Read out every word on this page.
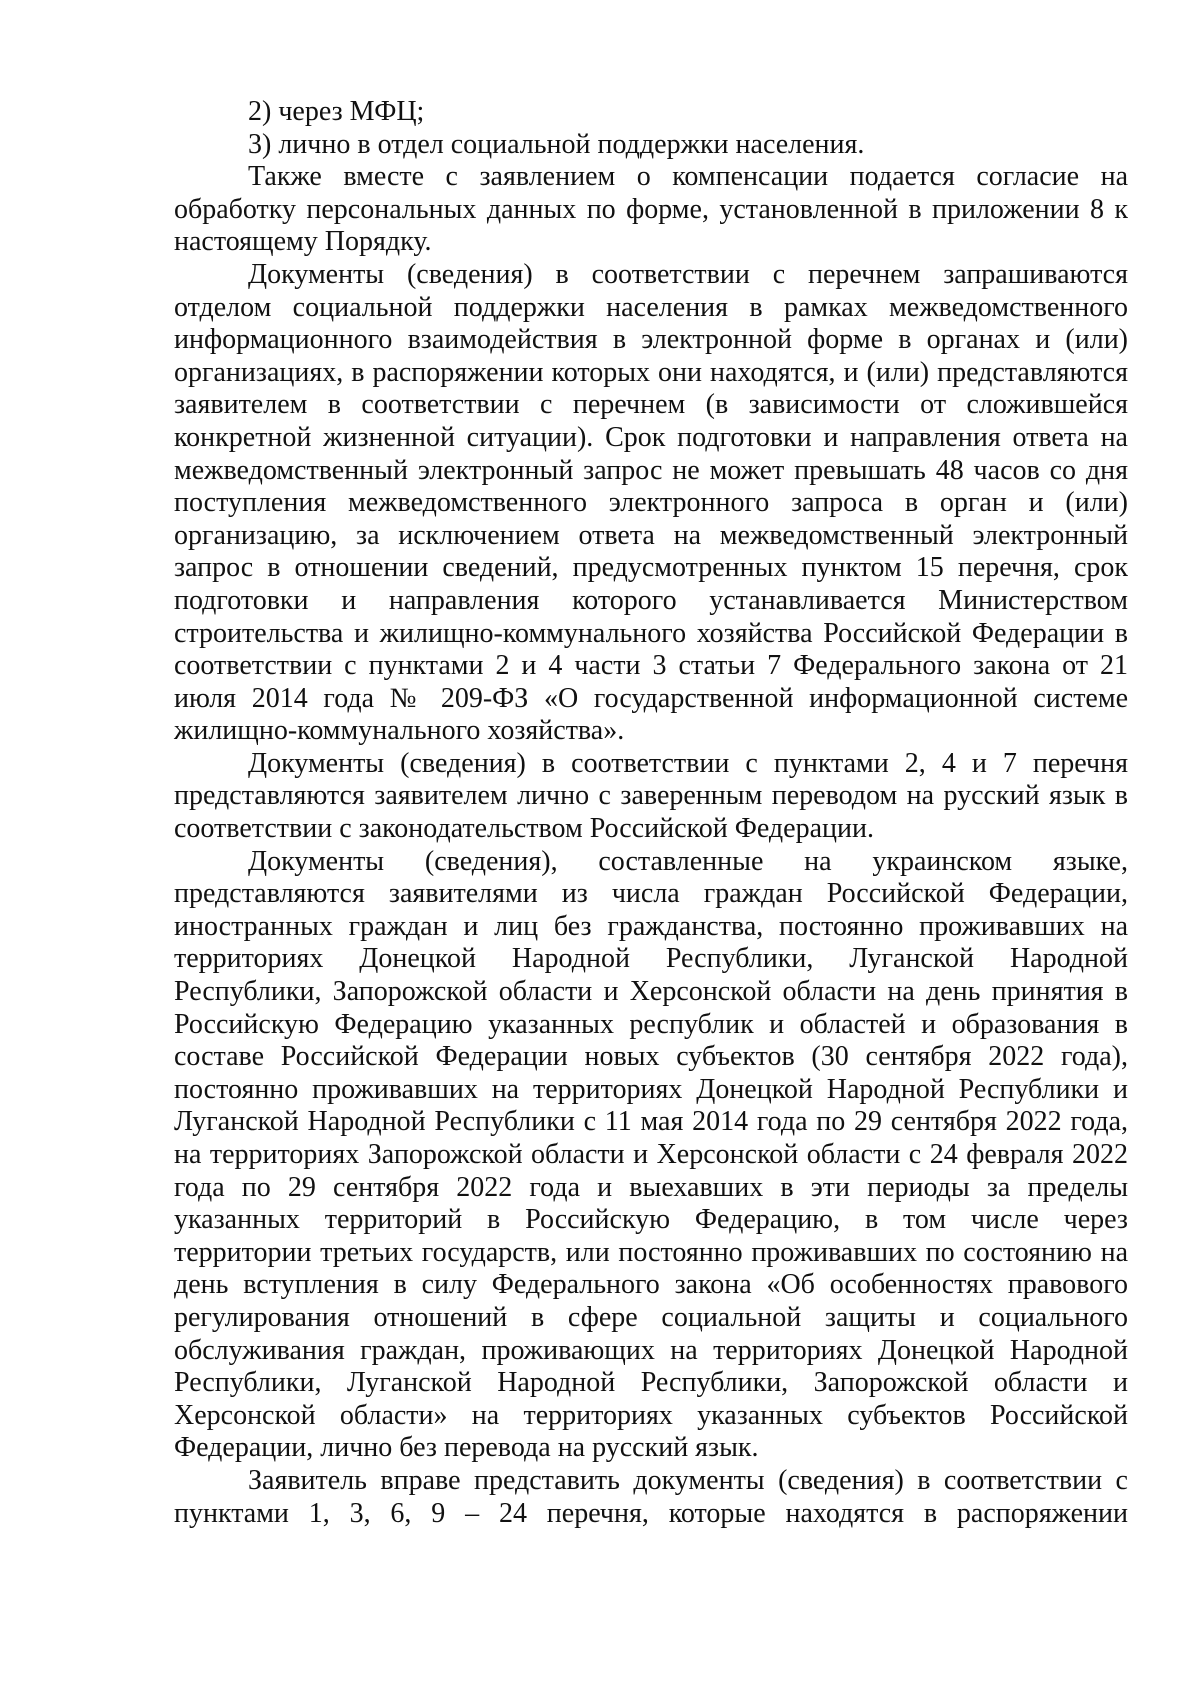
2) через МФЦ;

3) лично в отдел социальной поддержки населения.

Также вместе с заявлением о компенсации подается согласие на обработку персональных данных по форме, установленной в приложении 8 к настоящему Порядку.

Документы (сведения) в соответствии с перечнем запрашиваются отделом социальной поддержки населения в рамках межведомственного информационного взаимодействия в электронной форме в органах и (или) организациях, в распоряжении которых они находятся, и (или) представляются заявителем в соответствии с перечнем (в зависимости от сложившейся конкретной жизненной ситуации). Срок подготовки и направления ответа на межведомственный электронный запрос не может превышать 48 часов со дня поступления межведомственного электронного запроса в орган и (или) организацию, за исключением ответа на межведомственный электронный запрос в отношении сведений, предусмотренных пунктом 15 перечня, срок подготовки и направления которого устанавливается Министерством строительства и жилищно-коммунального хозяйства Российской Федерации в соответствии с пунктами 2 и 4 части 3 статьи 7 Федерального закона от 21 июля 2014 года № 209-ФЗ «О государственной информационной системе жилищно-коммунального хозяйства».

Документы (сведения) в соответствии с пунктами 2, 4 и 7 перечня представляются заявителем лично с заверенным переводом на русский язык в соответствии с законодательством Российской Федерации.

Документы (сведения), составленные на украинском языке, представляются заявителями из числа граждан Российской Федерации, иностранных граждан и лиц без гражданства, постоянно проживавших на территориях Донецкой Народной Республики, Луганской Народной Республики, Запорожской области и Херсонской области на день принятия в Российскую Федерацию указанных республик и областей и образования в составе Российской Федерации новых субъектов (30 сентября 2022 года), постоянно проживавших на территориях Донецкой Народной Республики и Луганской Народной Республики с 11 мая 2014 года по 29 сентября 2022 года, на территориях Запорожской области и Херсонской области с 24 февраля 2022 года по 29 сентября 2022 года и выехавших в эти периоды за пределы указанных территорий в Российскую Федерацию, в том числе через территории третьих государств, или постоянно проживавших по состоянию на день вступления в силу Федерального закона «Об особенностях правового регулирования отношений в сфере социальной защиты и социального обслуживания граждан, проживающих на территориях Донецкой Народной Республики, Луганской Народной Республики, Запорожской области и Херсонской области» на территориях указанных субъектов Российской Федерации, лично без перевода на русский язык.

Заявитель вправе представить документы (сведения) в соответствии с пунктами 1, 3, 6, 9 – 24 перечня, которые находятся в распоряжении
